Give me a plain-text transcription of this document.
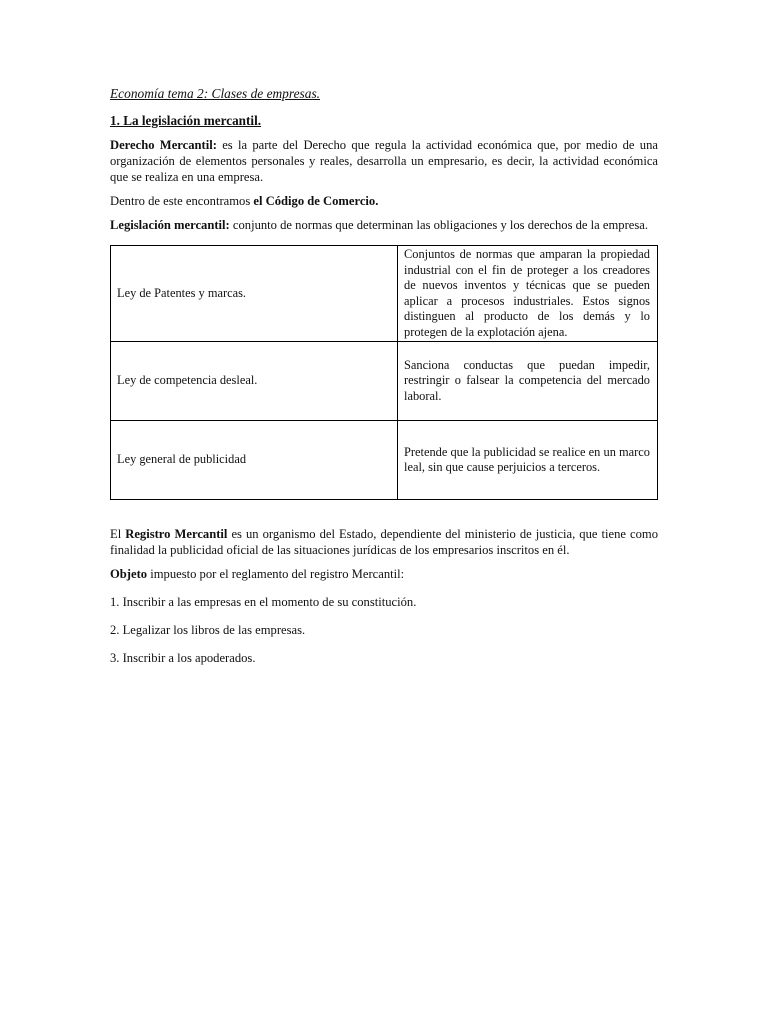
Economía tema 2: Clases de empresas.
1. La legislación mercantil.

Derecho Mercantil: es la parte del Derecho que regula la actividad económica que, por medio de una organización de elementos personales y reales, desarrolla un empresario, es decir, la actividad económica que se realiza en una empresa.

Dentro de este encontramos el Código de Comercio.

Legislación mercantil: conjunto de normas que determinan las obligaciones y los derechos de la empresa.

Ley de Patentes y marcas.	Conjuntos de normas que amparan la propiedad industrial con el fin de proteger a los creadores de nuevos inventos y técnicas que se pueden aplicar a procesos industriales. Estos signos distinguen al producto de los demás y lo protegen de la explotación ajena.
Ley de competencia desleal.	Sanciona conductas que puedan impedir, restringir o falsear la competencia del mercado laboral.
Ley general de publicidad	Pretende que la publicidad se realice en un marco leal, sin que cause perjuicios a terceros.

El Registro Mercantil es un organismo del Estado, dependiente del ministerio de justicia, que tiene como finalidad la publicidad oficial de las situaciones jurídicas de los empresarios inscritos en él.

Objeto impuesto por el reglamento del registro Mercantil:

1. Inscribir a las empresas en el momento de su constitución.
2. Legalizar los libros de las empresas.
3. Inscribir a los apoderados.
